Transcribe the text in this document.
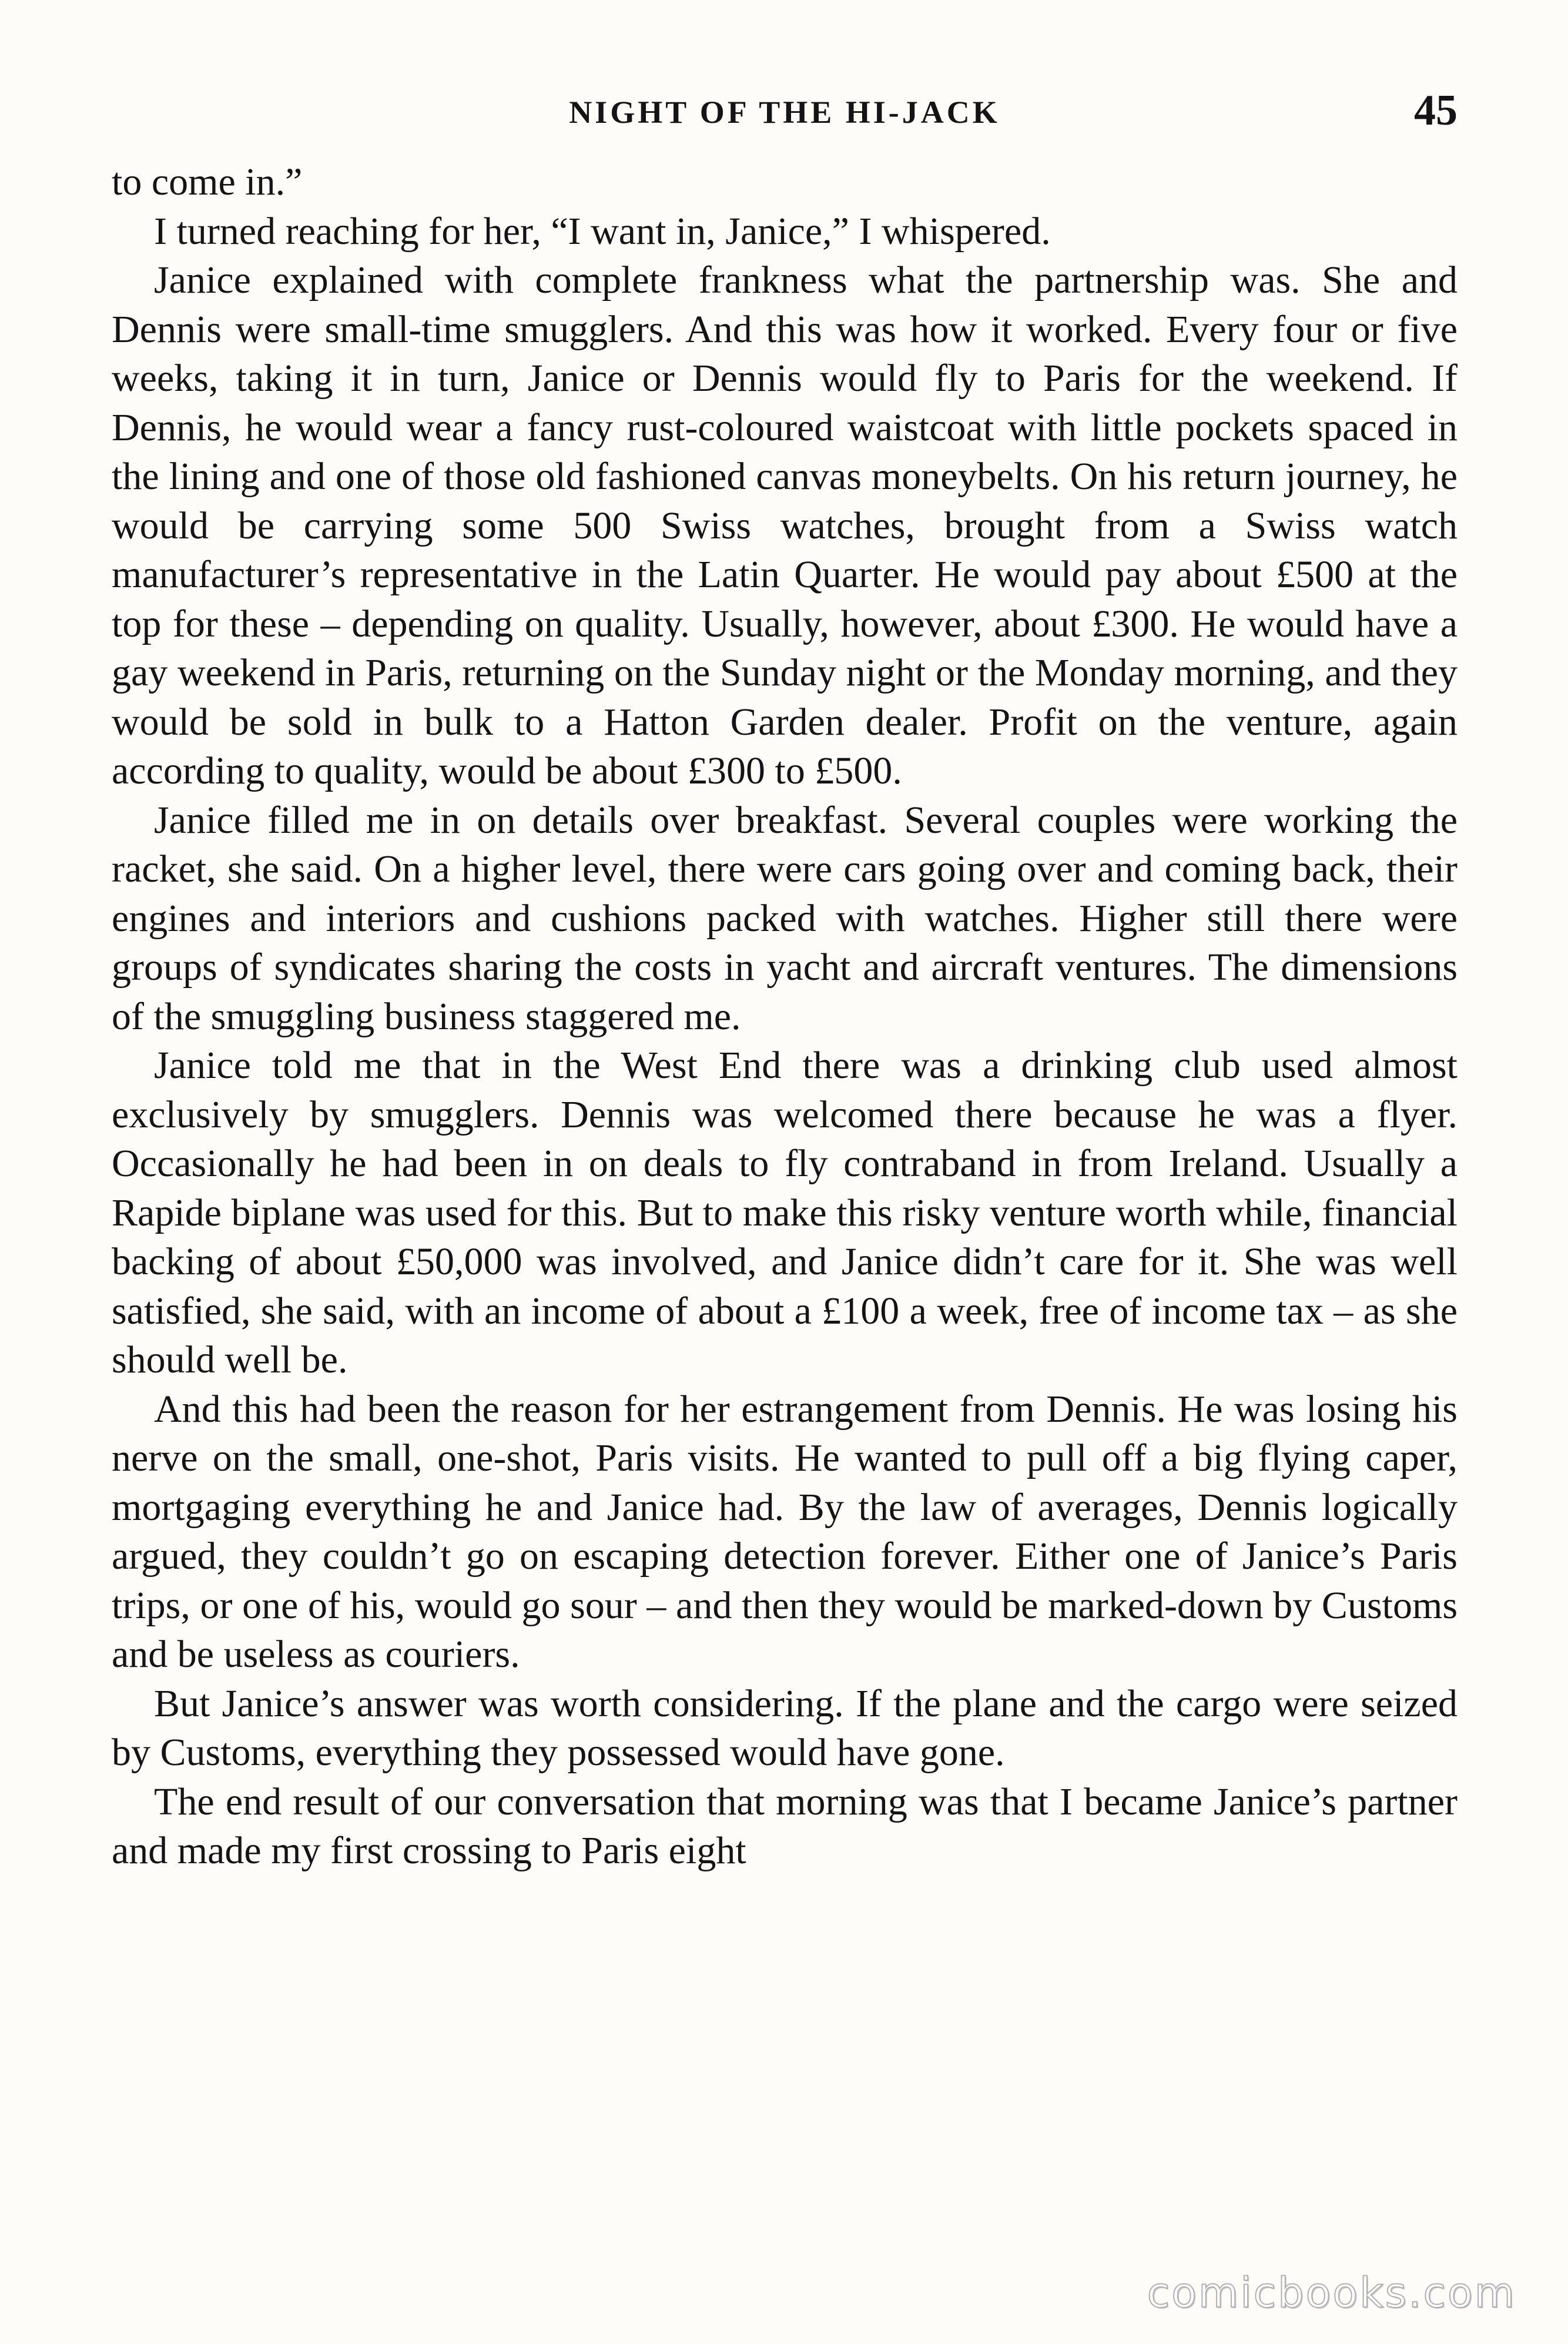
NIGHT OF THE HI-JACK	45

to come in.”

I turned reaching for her, “I want in, Janice,” I whispered.

Janice explained with complete frankness what the partnership was. She and Dennis were small-time smugglers. And this was how it worked. Every four or five weeks, taking it in turn, Janice or Dennis would fly to Paris for the weekend. If Dennis, he would wear a fancy rust-coloured waistcoat with little pockets spaced in the lining and one of those old fashioned canvas moneybelts. On his return journey, he would be carrying some 500 Swiss watches, brought from a Swiss watch manufacturer’s representative in the Latin Quarter. He would pay about £500 at the top for these – depending on quality. Usually, however, about £300. He would have a gay weekend in Paris, returning on the Sunday night or the Monday morning, and they would be sold in bulk to a Hatton Garden dealer. Profit on the venture, again according to quality, would be about £300 to £500.

Janice filled me in on details over breakfast. Several couples were working the racket, she said. On a higher level, there were cars going over and coming back, their engines and interiors and cushions packed with watches. Higher still there were groups of syndicates sharing the costs in yacht and aircraft ventures. The dimensions of the smuggling business staggered me.

Janice told me that in the West End there was a drinking club used almost exclusively by smugglers. Dennis was welcomed there because he was a flyer. Occasionally he had been in on deals to fly contraband in from Ireland. Usually a Rapide biplane was used for this. But to make this risky venture worth while, financial backing of about £50,000 was involved, and Janice didn’t care for it. She was well satisfied, she said, with an income of about a £100 a week, free of income tax – as she should well be.

And this had been the reason for her estrangement from Dennis. He was losing his nerve on the small, one-shot, Paris visits. He wanted to pull off a big flying caper, mortgaging everything he and Janice had. By the law of averages, Dennis logically argued, they couldn’t go on escaping detection forever. Either one of Janice’s Paris trips, or one of his, would go sour – and then they would be marked-down by Customs and be useless as couriers.

But Janice’s answer was worth considering. If the plane and the cargo were seized by Customs, everything they possessed would have gone.

The end result of our conversation that morning was that I became Janice’s partner and made my first crossing to Paris eight

comicbooks.com
